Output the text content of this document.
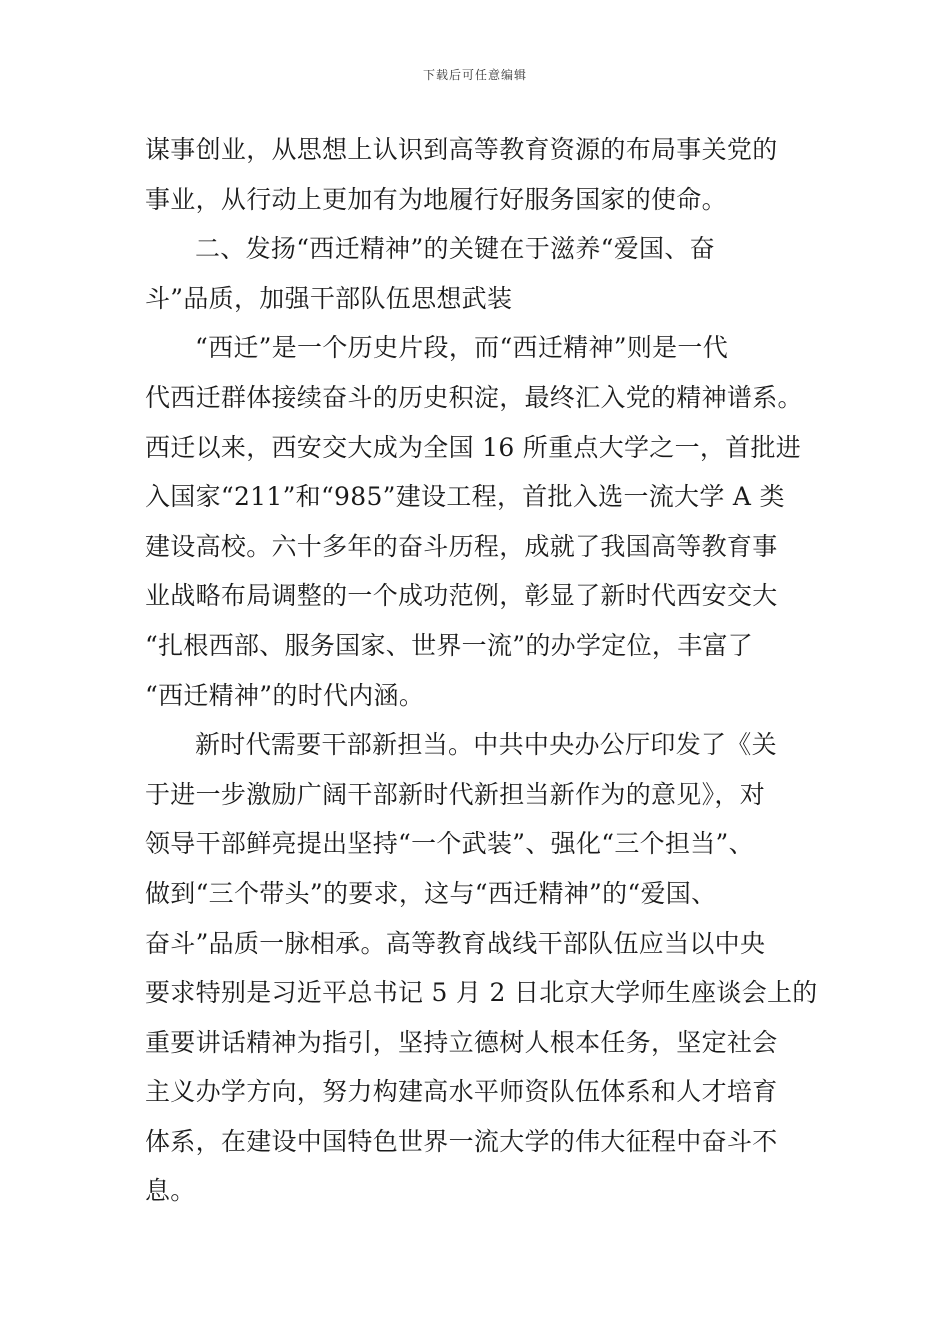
下载后可任意编辑
谋事创业，从思想上认识到高等教育资源的布局事关党的
事业，从行动上更加有为地履行好服务国家的使命。
二、发扬“西迁精神”的关键在于滋养“爱国、奋
斗”品质，加强干部队伍思想武装
“西迁”是一个历史片段，而“西迁精神”则是一代
代西迁群体接续奋斗的历史积淀，最终汇入党的精神谱系。
西迁以来，西安交大成为全国 16 所重点大学之一，首批进
入国家“211”和“985”建设工程，首批入选一流大学 A 类
建设高校。六十多年的奋斗历程，成就了我国高等教育事
业战略布局调整的一个成功范例，彰显了新时代西安交大
“扎根西部、服务国家、世界一流”的办学定位，丰富了
“西迁精神”的时代内涵。
新时代需要干部新担当。中共中央办公厅印发了《关
于进一步激励广阔干部新时代新担当新作为的意见》，对
领导干部鲜亮提出坚持“一个武装”、强化“三个担当”、
做到“三个带头”的要求，这与“西迁精神”的“爱国、
奋斗”品质一脉相承。高等教育战线干部队伍应当以中央
要求特别是习近平总书记 5 月 2 日北京大学师生座谈会上的
重要讲话精神为指引，坚持立德树人根本任务，坚定社会
主义办学方向，努力构建高水平师资队伍体系和人才培育
体系，在建设中国特色世界一流大学的伟大征程中奋斗不
息。
